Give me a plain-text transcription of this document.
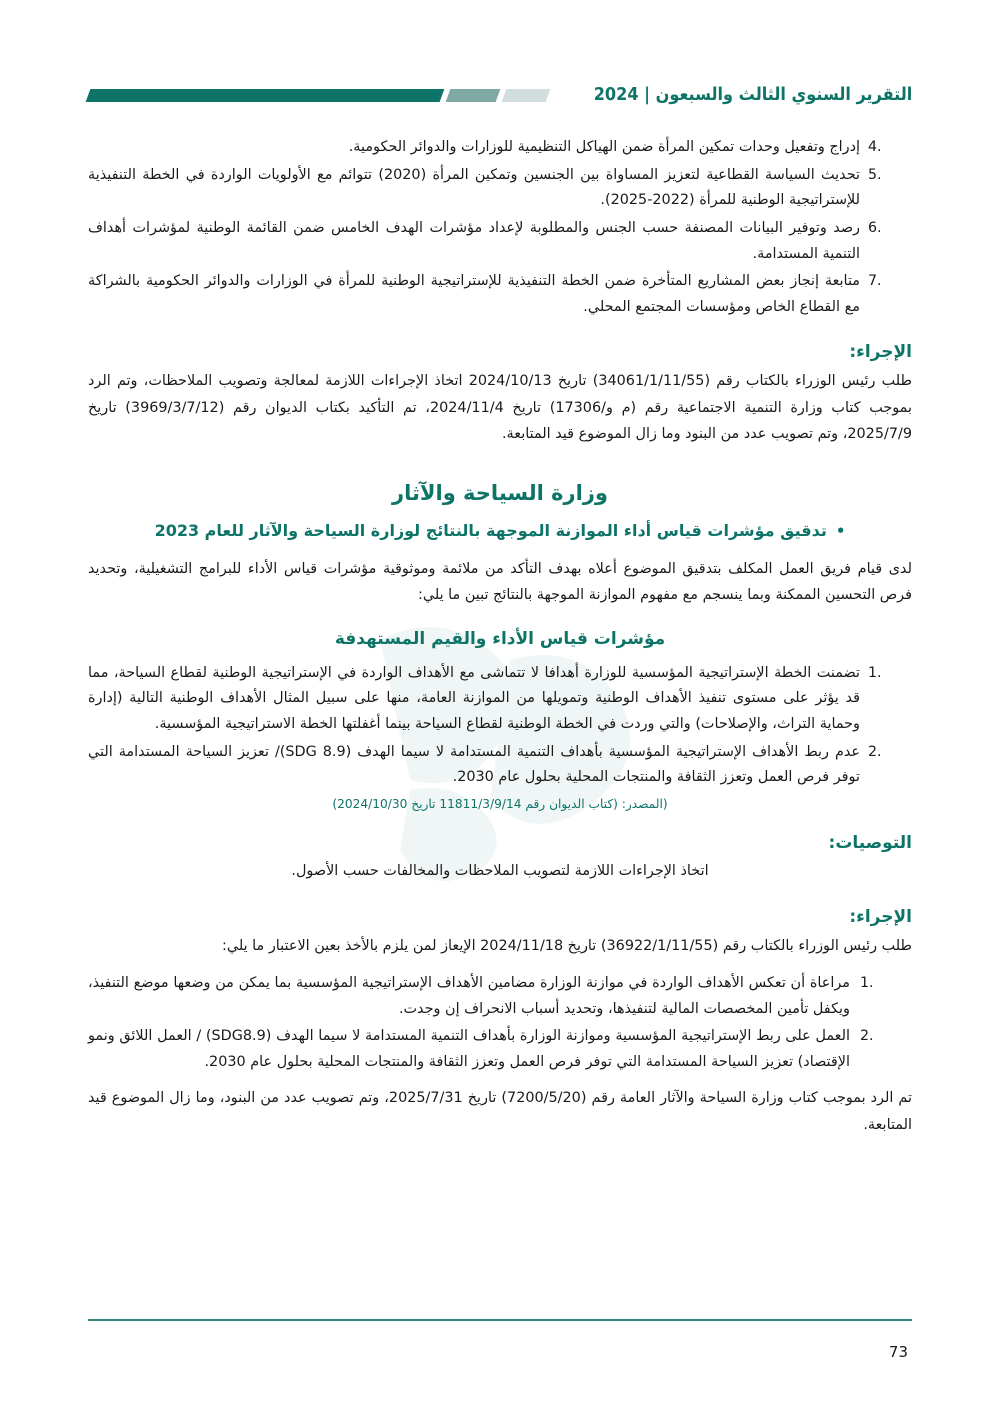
التقرير السنوي الثالث والسبعون | 2024
4.
إدراج وتفعيل وحدات تمكين المرأة ضمن الهياكل التنظيمية للوزارات والدوائر الحكومية.
5.
تحديث السياسة القطاعية لتعزيز المساواة بين الجنسين وتمكين المرأة (2020) تتوائم مع الأولويات الواردة في الخطة التنفيذية للإستراتيجية الوطنية للمرأة (2022-2025).
6.
رصد وتوفير البيانات المصنفة حسب الجنس والمطلوبة لإعداد مؤشرات الهدف الخامس ضمن القائمة الوطنية لمؤشرات أهداف التنمية المستدامة.
7.
متابعة إنجاز بعض المشاريع المتأخرة ضمن الخطة التنفيذية للإستراتيجية الوطنية للمرأة في الوزارات والدوائر الحكومية بالشراكة مع القطاع الخاص ومؤسسات المجتمع المحلي.
الإجراء:

طلب رئيس الوزراء بالكتاب رقم (34061/1/11/55) تاريخ 2024/10/13 اتخاذ الإجراءات اللازمة لمعالجة وتصويب الملاحظات، وتم الرد بموجب كتاب وزارة التنمية الاجتماعية رقم (م و/17306) تاريخ 2024/11/4، تم التأكيد بكتاب الديوان رقم (3969/3/7/12) تاريخ 2025/7/9، وتم تصويب عدد من البنود وما زال الموضوع قيد المتابعة.

وزارة السياحة والآثار
•
تدقيق مؤشرات قياس أداء الموازنة الموجهة بالنتائج لوزارة السياحة والآثار للعام 2023

لدى قيام فريق العمل المكلف بتدقيق الموضوع أعلاه بهدف التأكد من ملائمة وموثوقية مؤشرات قياس الأداء للبرامج التشغيلية، وتحديد فرص التحسين الممكنة وبما ينسجم مع مفهوم الموازنة الموجهة بالنتائج تبين ما يلي:

مؤشرات قياس الأداء والقيم المستهدفة
1.
تضمنت الخطة الإستراتيجية المؤسسية للوزارة أهدافا لا تتماشى مع الأهداف الواردة في الإستراتيجية الوطنية لقطاع السياحة، مما قد يؤثر على مستوى تنفيذ الأهداف الوطنية وتمويلها من الموازنة العامة، منها على سبيل المثال الأهداف الوطنية التالية (إدارة وحماية التراث، والإصلاحات) والتي وردت في الخطة الوطنية لقطاع السياحة بينما أغفلتها الخطة الاستراتيجية المؤسسية.
2.
عدم ربط الأهداف الإستراتيجية المؤسسية بأهداف التنمية المستدامة لا سيما الهدف (SDG 8.9)/ تعزيز السياحة المستدامة التي توفر فرص العمل وتعزز الثقافة والمنتجات المحلية بحلول عام 2030.
(المصدر: (كتاب الديوان رقم 11811/3/9/14 تاريخ 2024/10/30)
التوصيات:

اتخاذ الإجراءات اللازمة لتصويب الملاحظات والمخالفات حسب الأصول.

الإجراء:

طلب رئيس الوزراء بالكتاب رقم (36922/1/11/55) تاريخ 2024/11/18 الإيعاز لمن يلزم بالأخذ بعين الاعتبار ما يلي:

1.
مراعاة أن تعكس الأهداف الواردة في موازنة الوزارة مضامين الأهداف الإستراتيجية المؤسسية بما يمكن من وضعها موضع التنفيذ، ويكفل تأمين المخصصات المالية لتنفيذها، وتحديد أسباب الانحراف إن وجدت.
2.
العمل على ربط الإستراتيجية المؤسسية وموازنة الوزارة بأهداف التنمية المستدامة لا سيما الهدف (SDG8.9) / العمل اللائق ونمو الإقتصاد) تعزيز السياحة المستدامة التي توفر فرص العمل وتعزز الثقافة والمنتجات المحلية بحلول عام 2030.

تم الرد بموجب كتاب وزارة السياحة والآثار العامة رقم (7200/5/20) تاريخ 2025/7/31، وتم تصويب عدد من البنود، وما زال الموضوع قيد المتابعة.

73
